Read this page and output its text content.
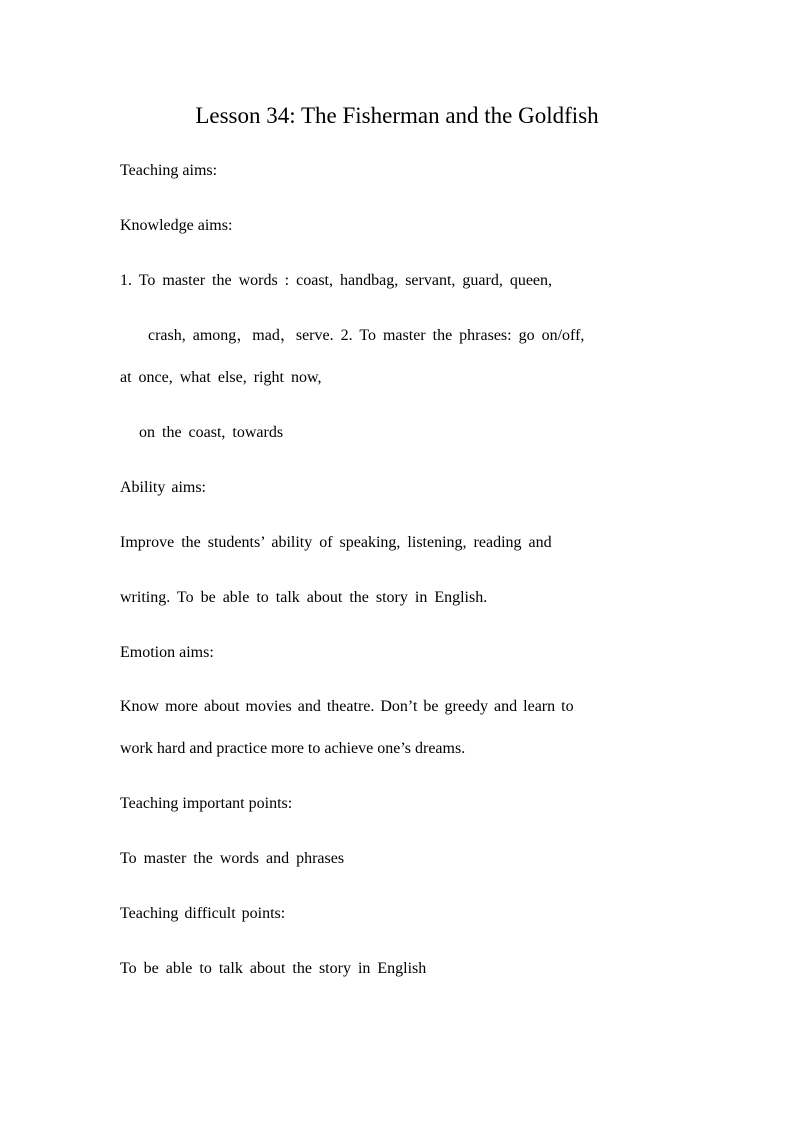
Lesson 34: The Fisherman and the Goldfish
Teaching aims:
Knowledge aims:
1. To master the words : coast, handbag, servant, guard, queen,
crash, among，mad，serve. 2. To master the phrases: go on/off,
at once, what else, right now,
on the coast, towards
Ability aims:
Improve the students’ ability of speaking, listening, reading and
writing. To be able to talk about the story in English.
Emotion aims:
Know more about movies and theatre. Don’t be greedy and learn to
work hard and practice more to achieve one’s dreams.
Teaching important points:
To master the words and phrases
Teaching difficult points:
To be able to talk about the story in English
